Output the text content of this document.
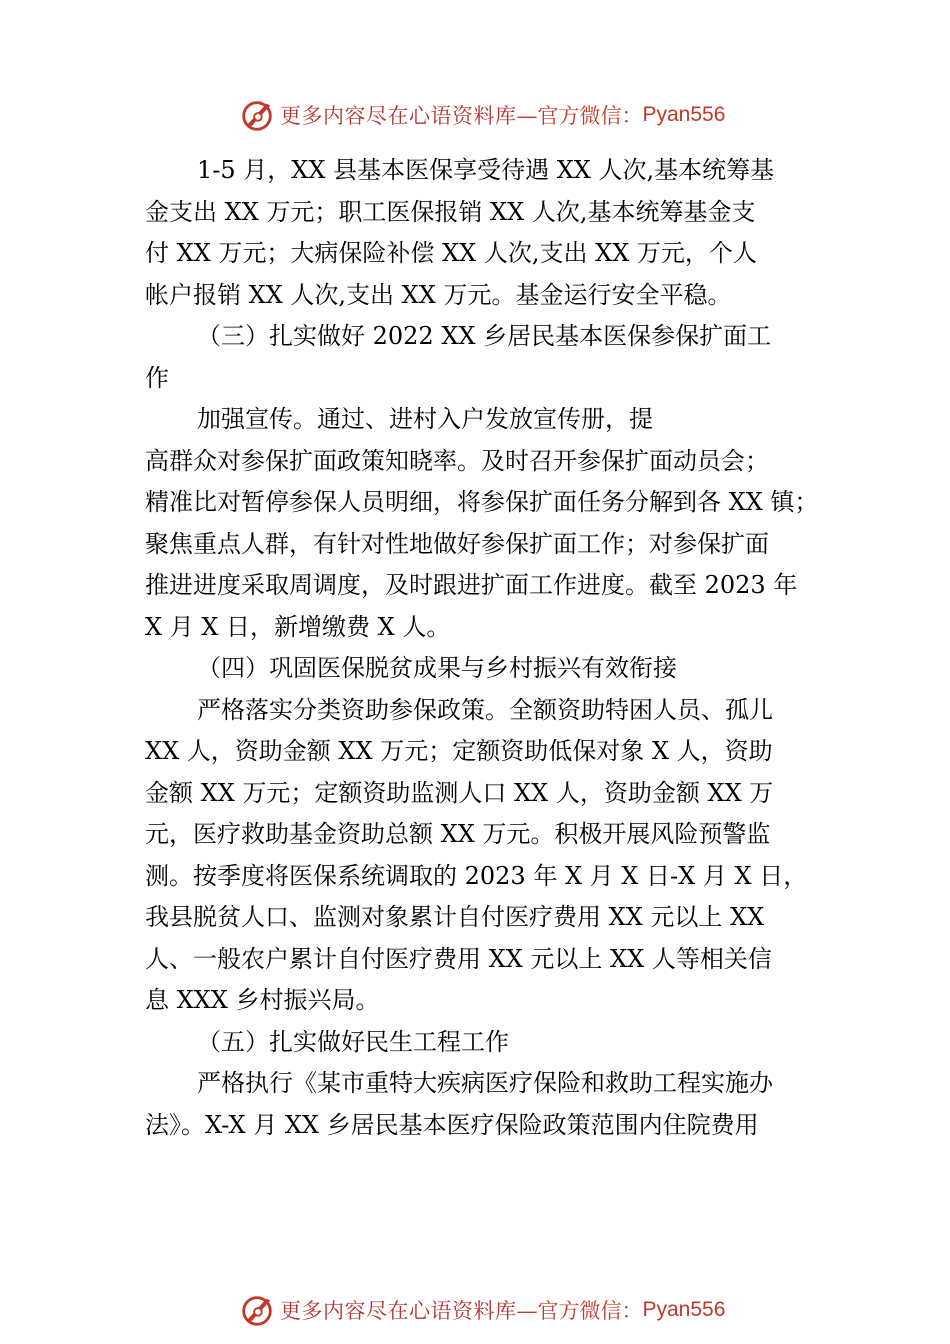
更多内容尽在心语资料库 —官方微信： Pyan556

1-5 月，XX 县基本医保享受待遇 XX 人次,基本统筹基

金支出 XX 万元；职工医保报销 XX 人次,基本统筹基金支

付 XX 万元；大病保险补偿 XX 人次,支出 XX 万元，个人

帐户报销 XX 人次,支出 XX 万元。基金运行安全平稳。

（三）扎实做好 2022 XX 乡居民基本医保参保扩面工

作

加强宣传。通过、进村入户发放宣传册，提

高群众对参保扩面政策知晓率。及时召开参保扩面动员会；

精准比对暂停参保人员明细，将参保扩面任务分解到各 XX 镇；

聚焦重点人群，有针对性地做好参保扩面工作；对参保扩面

推进进度采取周调度，及时跟进扩面工作进度。截至 2023 年

X 月 X 日，新增缴费 X 人。

（四）巩固医保脱贫成果与乡村振兴有效衔接

严格落实分类资助参保政策。全额资助特困人员、孤儿

XX 人，资助金额 XX 万元；定额资助低保对象 X 人，资助

金额 XX 万元；定额资助监测人口 XX 人，资助金额 XX 万

元，医疗救助基金资助总额 XX 万元。积极开展风险预警监

测。按季度将医保系统调取的 2023 年 X 月 X 日-X 月 X 日，

我县脱贫人口、监测对象累计自付医疗费用 XX 元以上 XX

人、一般农户累计自付医疗费用 XX 元以上 XX 人等相关信

息 XXX 乡村振兴局。

（五）扎实做好民生工程工作

严格执行《某市重特大疾病医疗保险和救助工程实施办

法》。X-X 月 XX 乡居民基本医疗保险政策范围内住院费用

更多内容尽在心语资料库 —官方微信： Pyan556
